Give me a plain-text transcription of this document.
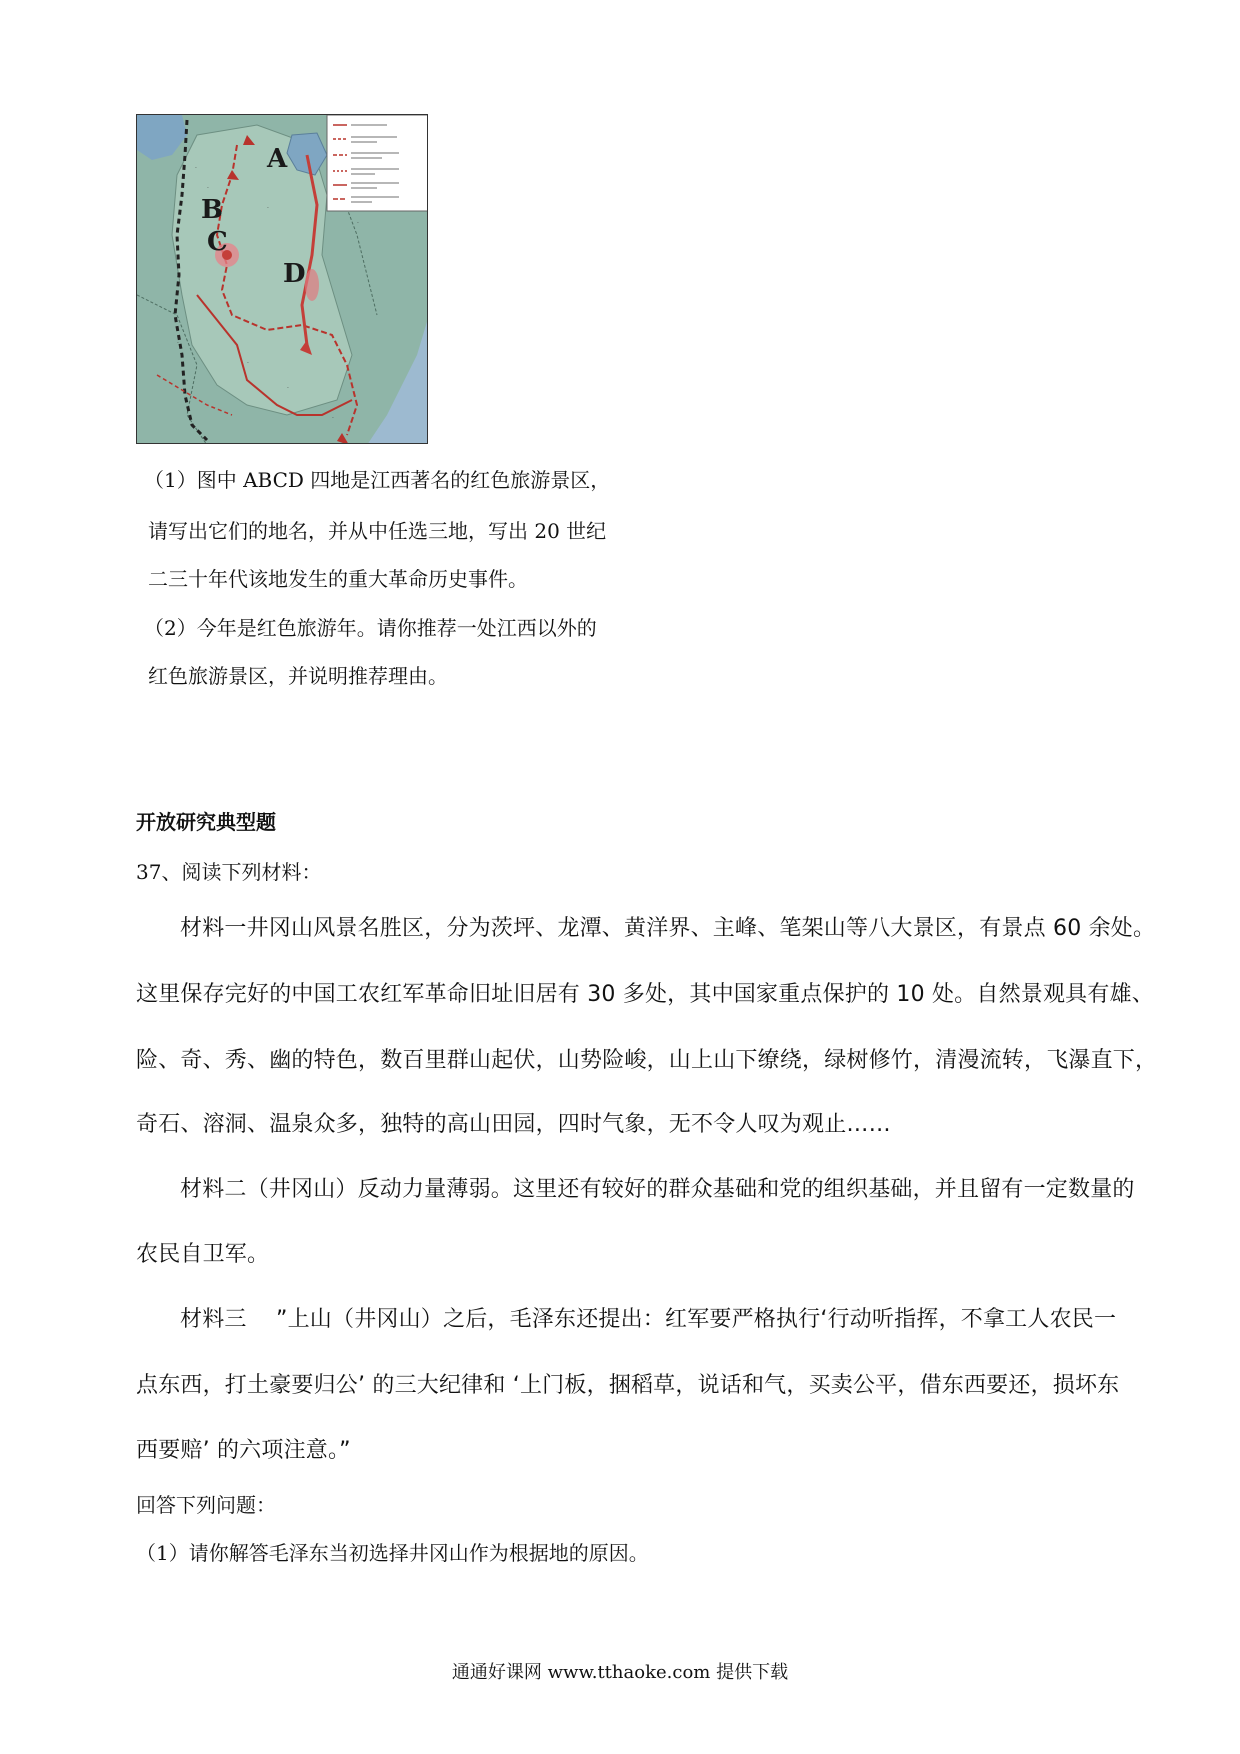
·
·
·
·
·
·
·
·
A
B
C
D
（1）图中 ABCD 四地是江西著名的红色旅游景区，
请写出它们的地名，并从中任选三地，写出 20 世纪
二三十年代该地发生的重大革命历史事件。
（2）今年是红色旅游年。请你推荐一处江西以外的
红色旅游景区，并说明推荐理由。
开放研究典型题
37、阅读下列材料：
材料一井冈山风景名胜区，分为茨坪、龙潭、黄洋界、主峰、笔架山等八大景区，有景点 60 余处。
这里保存完好的中国工农红军革命旧址旧居有 30 多处，其中国家重点保护的 10 处。自然景观具有雄、
险、奇、秀、幽的特色，数百里群山起伏，山势险峻，山上山下缭绕，绿树修竹，清漫流转，飞瀑直下，
奇石、溶洞、温泉众多，独特的高山田园，四时气象，无不令人叹为观止……
材料二（井冈山）反动力量薄弱。这里还有较好的群众基础和党的组织基础，并且留有一定数量的
农民自卫军。
材料三　 ”上山（井冈山）之后，毛泽东还提出：红军要严格执行‘行动听指挥，不拿工人农民一
点东西，打土豪要归公’ 的三大纪律和 ‘上门板，捆稻草，说话和气，买卖公平，借东西要还，损坏东
西要赔’ 的六项注意。”
回答下列问题：
（1）请你解答毛泽东当初选择井冈山作为根据地的原因。
通通好课网 www.tthaoke.com 提供下载
